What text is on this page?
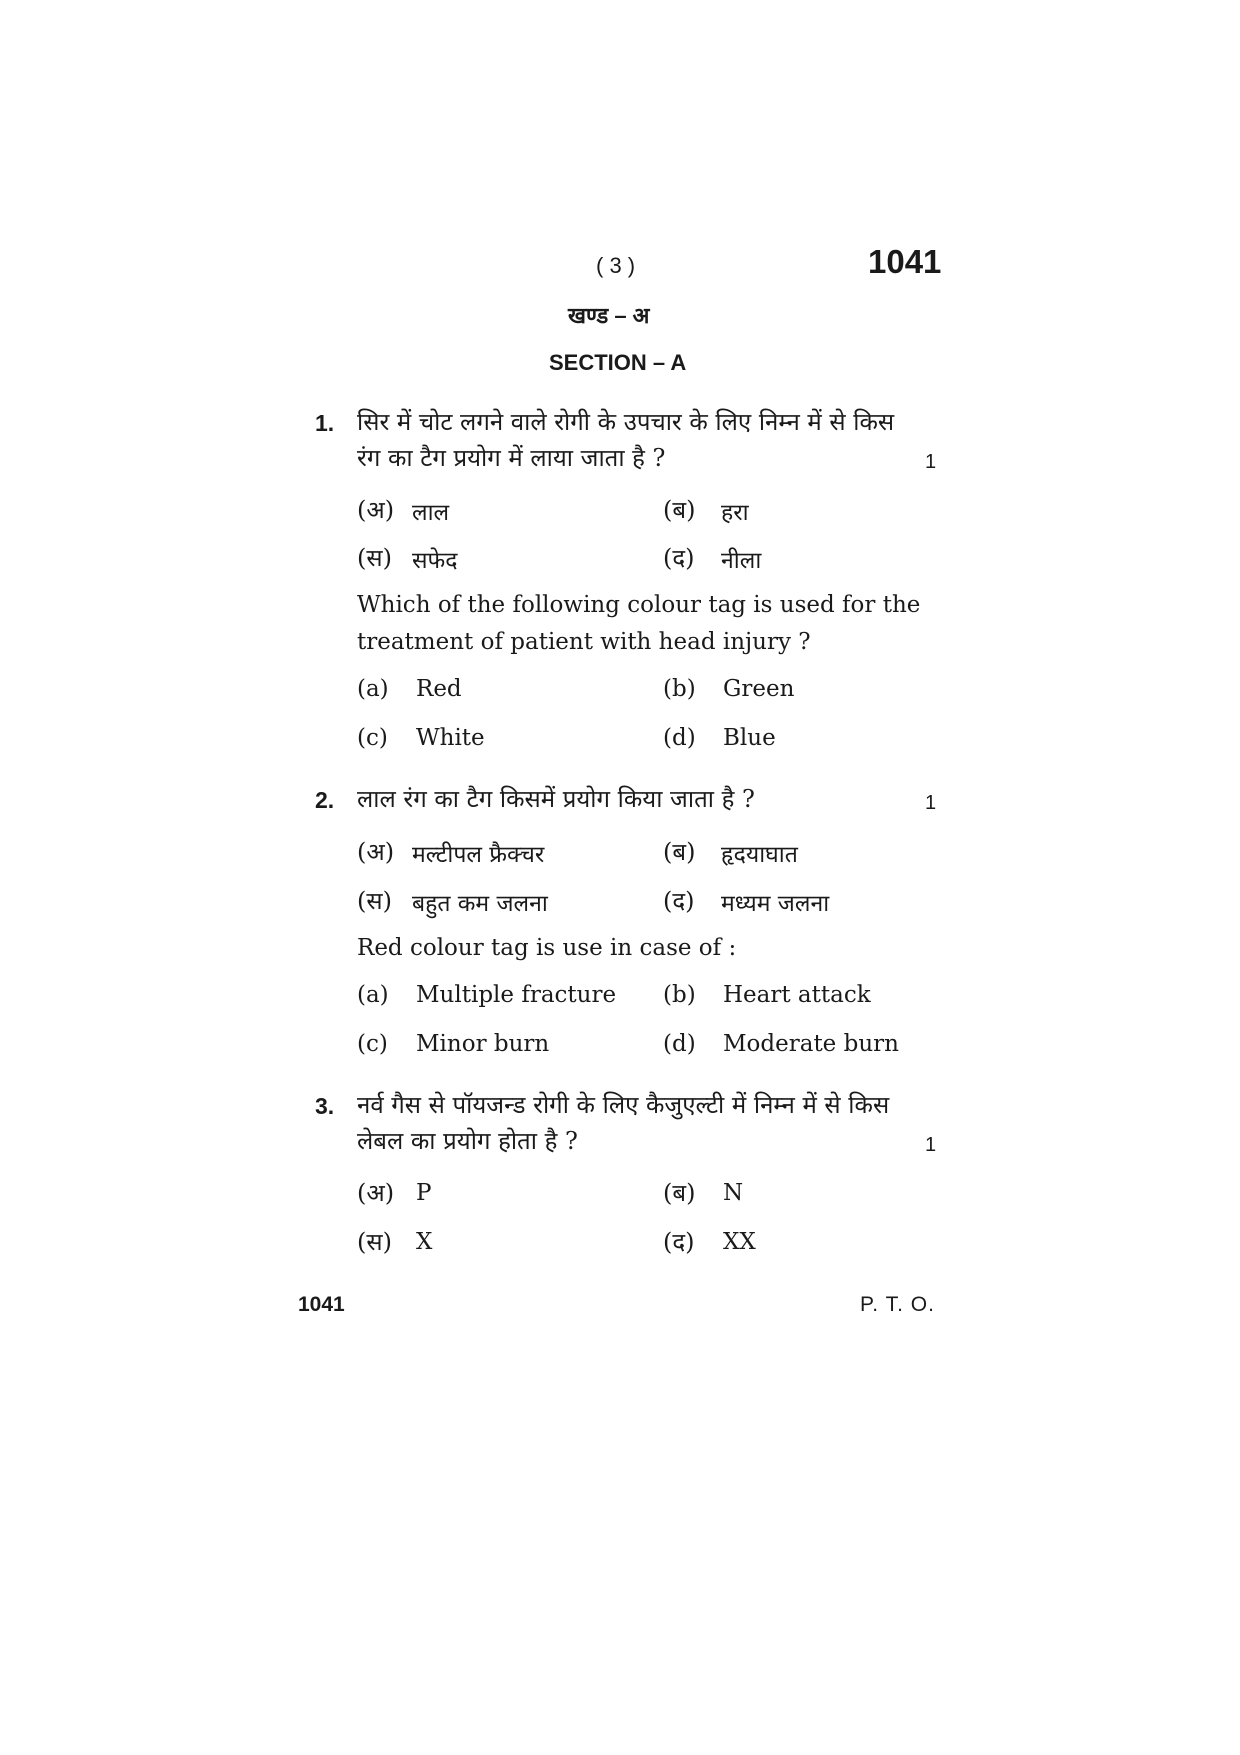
( 3 )	1041
खण्ड – अ
SECTION – A
1. सिर में चोट लगने वाले रोगी के उपचार के लिए निम्न में से किस
रंग का टैग प्रयोग में लाया जाता है ?	1
(अ) लाल	(ब) हरा
(स) सफेद	(द) नीला
Which of the following colour tag is used for the
treatment of patient with head injury ?
(a) Red	(b) Green
(c) White	(d) Blue
2. लाल रंग का टैग किसमें प्रयोग किया जाता है ?	1
(अ) मल्टीपल फ्रैक्चर	(ब) हृदयाघात
(स) बहुत कम जलना	(द) मध्यम जलना
Red colour tag is use in case of :
(a) Multiple fracture (b) Heart attack
(c) Minor burn	(d) Moderate burn
3. नर्व गैस से पॉयजन्ड रोगी के लिए कैजुएल्टी में निम्न में से किस
लेबल का प्रयोग होता है ?	1
(अ) P	(ब) N
(स) X	(द) XX
1041	P. T. O.
